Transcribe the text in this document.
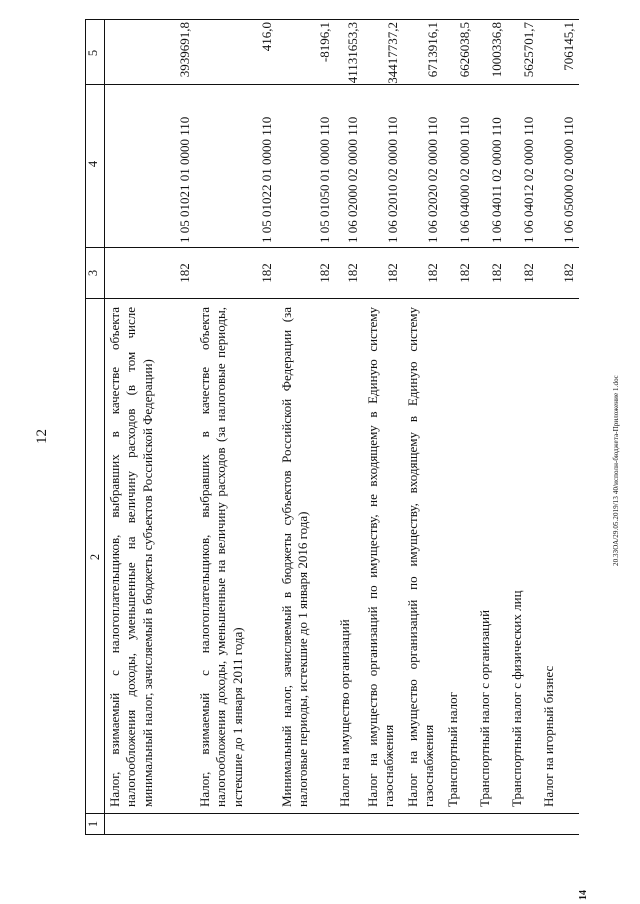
12	20.3ЗОА/29.05.2019/13 40/исполн-бюджета-Приложение 1.doc
14
1	2	3	4	5
	Налог, взимаемый с налогоплательщиков, выбравших в качестве объекта налогообложения доходы, уменьшенные на величину расходов (в том числе минимальный налог, зачисляемый в бюджеты субъектов Российской Федерации)	182	1 05 01021 01 0000 110	3939691,8
	Налог, взимаемый с налогоплательщиков, выбравших в качестве объекта налогообложения доходы, уменьшенные на величину расходов (за налоговые периоды, истекшие до 1 января 2011 года)	182	1 05 01022 01 0000 110	416,0
	Минимальный налог, зачисляемый в бюджеты субъектов Российской Федерации (за налоговые периоды, истекшие до 1 января 2016 года)	182	1 05 01050 01 0000 110	-8196,1
	Налог на имущество организаций	182	1 06 02000 02 0000 110	41131653,3
	Налог на имущество организаций по имуществу, не входящему в Единую систему газоснабжения	182	1 06 02010 02 0000 110	34417737,2
	Налог на имущество организаций по имуществу, входящему в Единую систему газоснабжения	182	1 06 02020 02 0000 110	6713916,1
	Транспортный налог	182	1 06 04000 02 0000 110	6626038,5
	Транспортный налог с организаций	182	1 06 04011 02 0000 110	1000336,8
	Транспортный налог с физических лиц	182	1 06 04012 02 0000 110	5625701,7
	Налог на игорный бизнес	182	1 06 05000 02 0000 110	706145,1
